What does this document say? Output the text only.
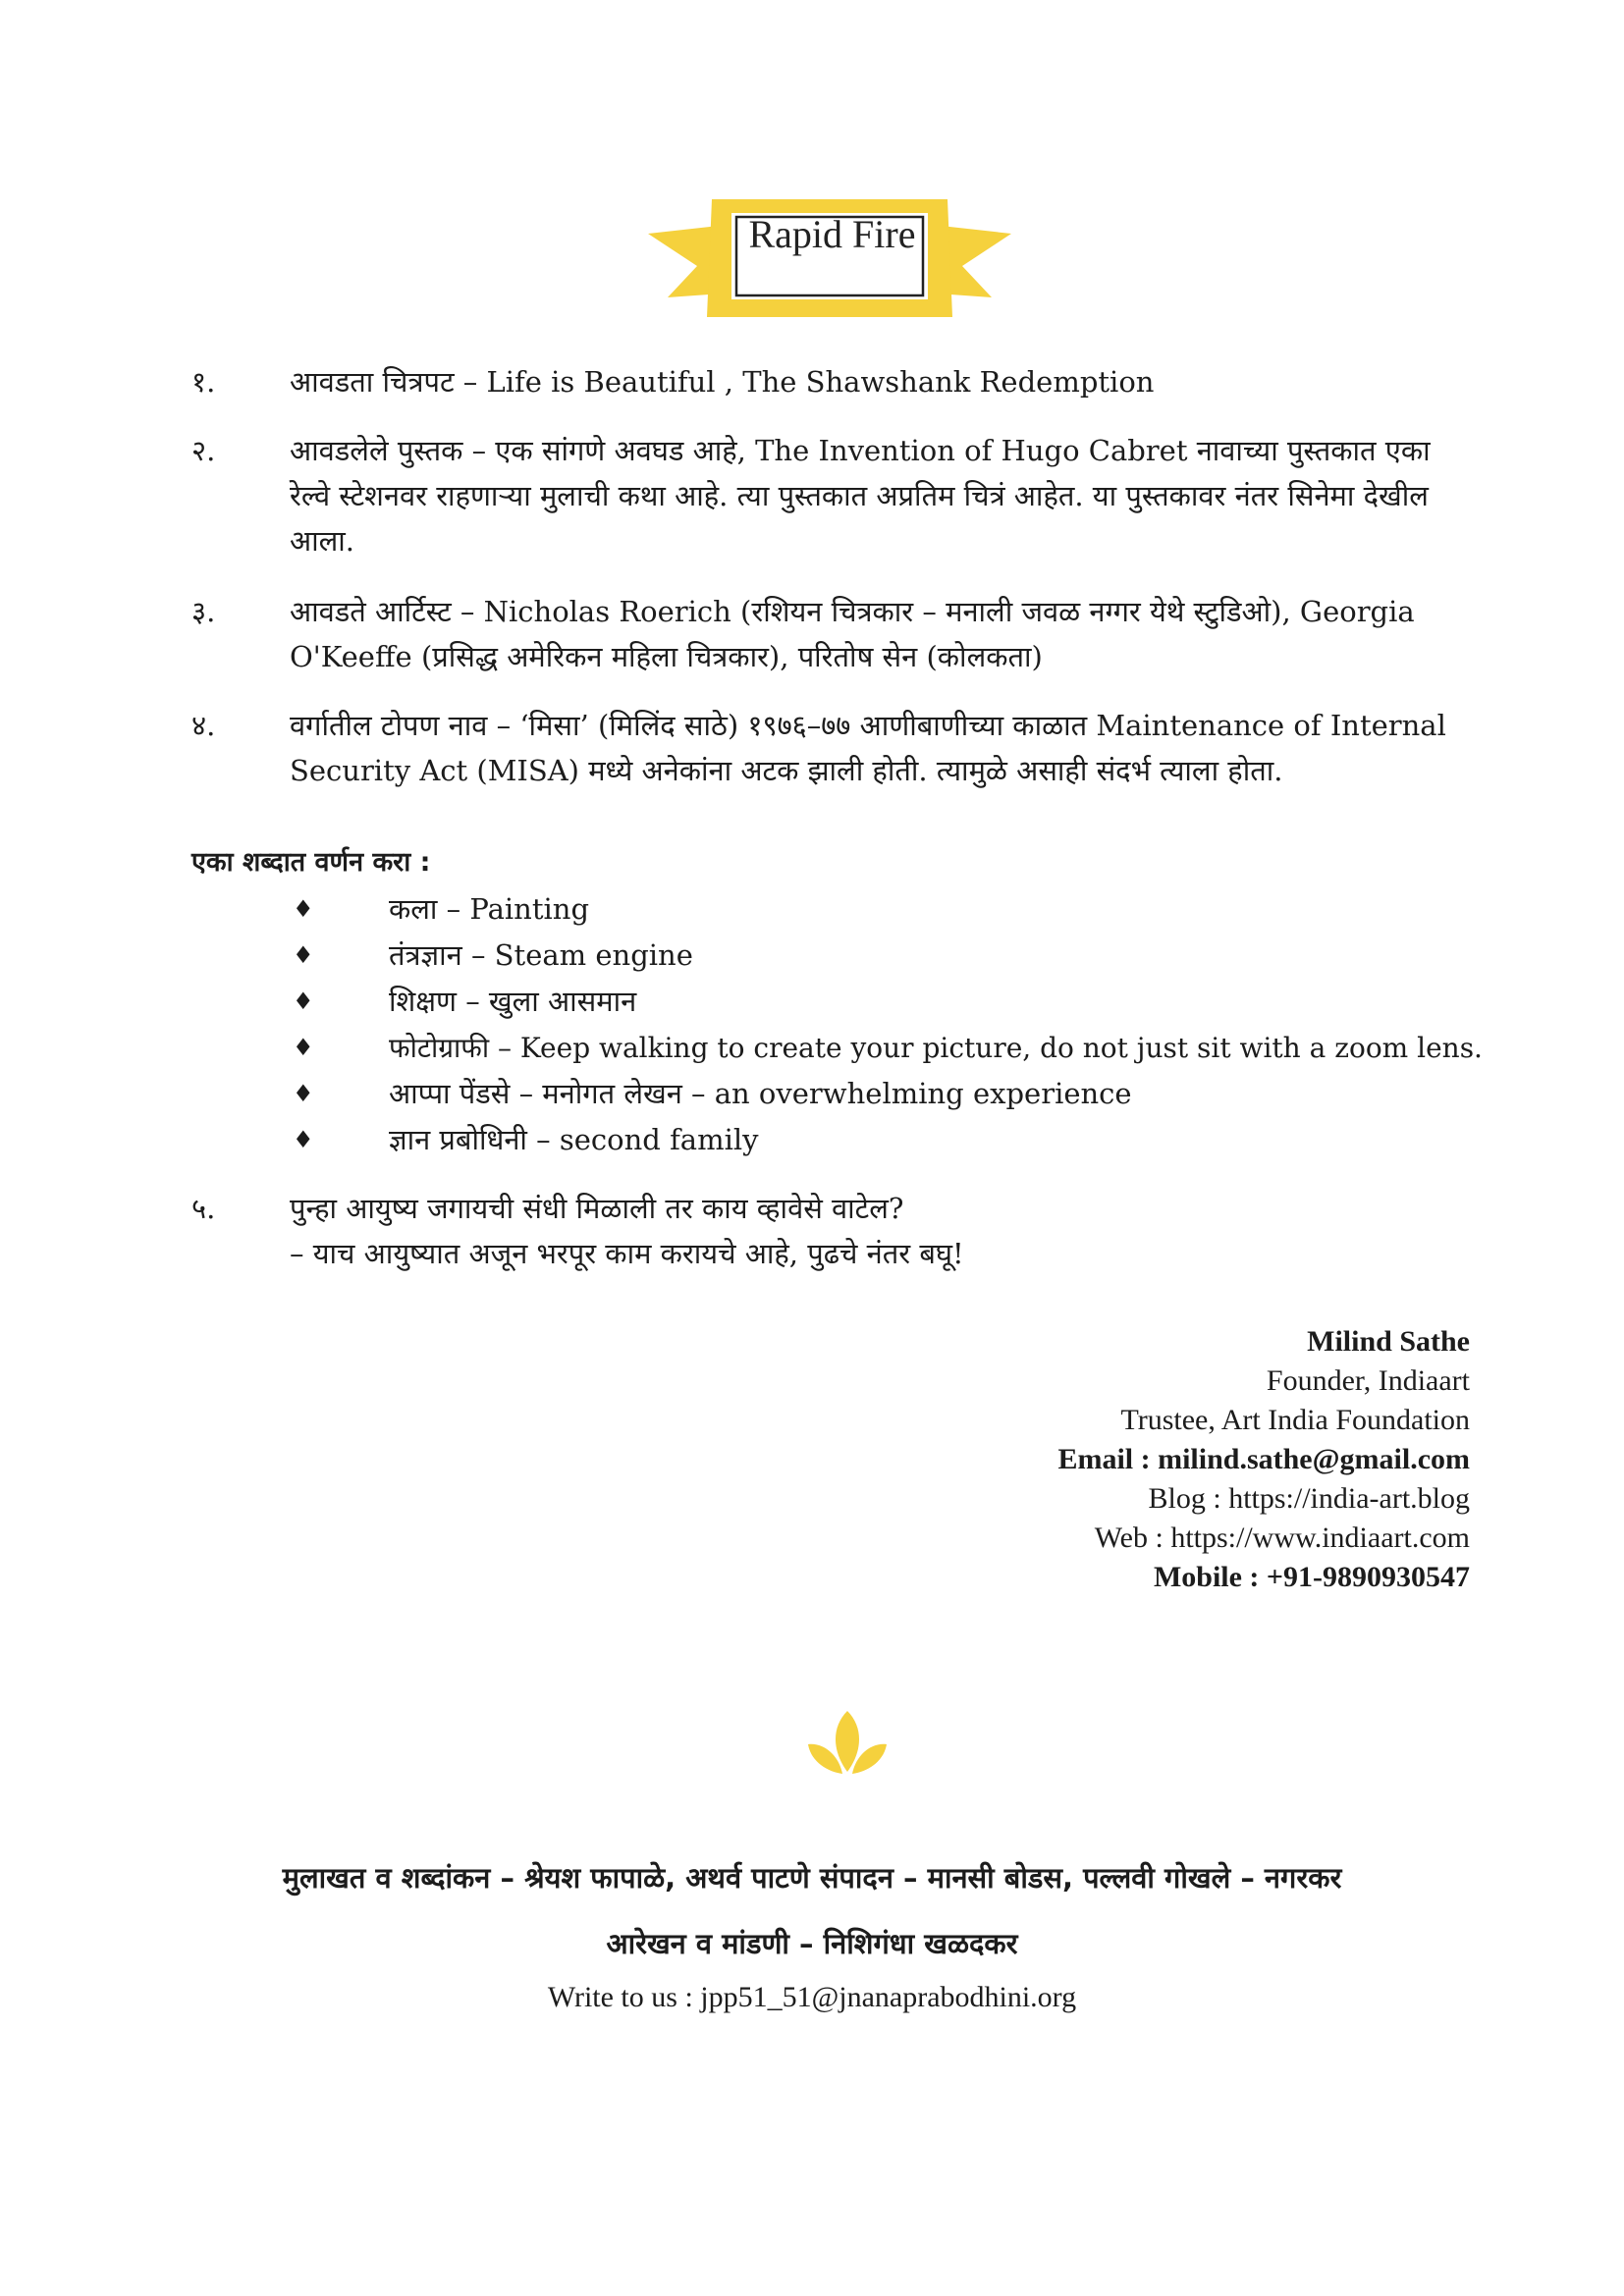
Rapid Fire
१.	आवडता चित्रपट – Life is Beautiful , The Shawshank Redemption
२.	आवडलेले पुस्तक – एक सांगणे अवघड आहे, The Invention of Hugo Cabret नावाच्या पुस्तकात एका रेल्वे स्टेशनवर राहणाऱ्या मुलाची कथा आहे. त्या पुस्तकात अप्रतिम चित्रं आहेत. या पुस्तकावर नंतर सिनेमा देखील आला.
३.	आवडते आर्टिस्ट – Nicholas Roerich (रशियन चित्रकार – मनाली जवळ नग्गर येथे स्टुडिओ), Georgia O'Keeffe (प्रसिद्ध अमेरिकन महिला चित्रकार), परितोष सेन (कोलकता)
४.	वर्गातील टोपण नाव – ‘मिसा’ (मिलिंद साठे) १९७६–७७ आणीबाणीच्या काळात Maintenance of Internal Security Act (MISA) मध्ये अनेकांना अटक झाली होती. त्यामुळे असाही संदर्भ त्याला होता.
एका शब्दात वर्णन करा :
♦	कला – Painting
♦	तंत्रज्ञान – Steam engine
♦	शिक्षण – खुला आसमान
♦	फोटोग्राफी – Keep walking to create your picture, do not just sit with a zoom lens.
♦	आप्पा पेंडसे – मनोगत लेखन – an overwhelming experience
♦	ज्ञान प्रबोधिनी – second family
५.	पुन्हा आयुष्य जगायची संधी मिळाली तर काय व्हावेसे वाटेल?
– याच आयुष्यात अजून भरपूर काम करायचे आहे, पुढचे नंतर बघू!
Milind Sathe
Founder, Indiaart
Trustee, Art India Foundation
Email : milind.sathe@gmail.com
Blog : https://india-art.blog
Web : https://www.indiaart.com
Mobile : +91-9890930547
मुलाखत व शब्दांकन – श्रेयश फापाळे, अथर्व पाटणे संपादन – मानसी बोडस, पल्लवी गोखले – नगरकर
आरेखन व मांडणी – निशिगंधा खळदकर
Write to us : jpp51_51@jnanaprabodhini.org
